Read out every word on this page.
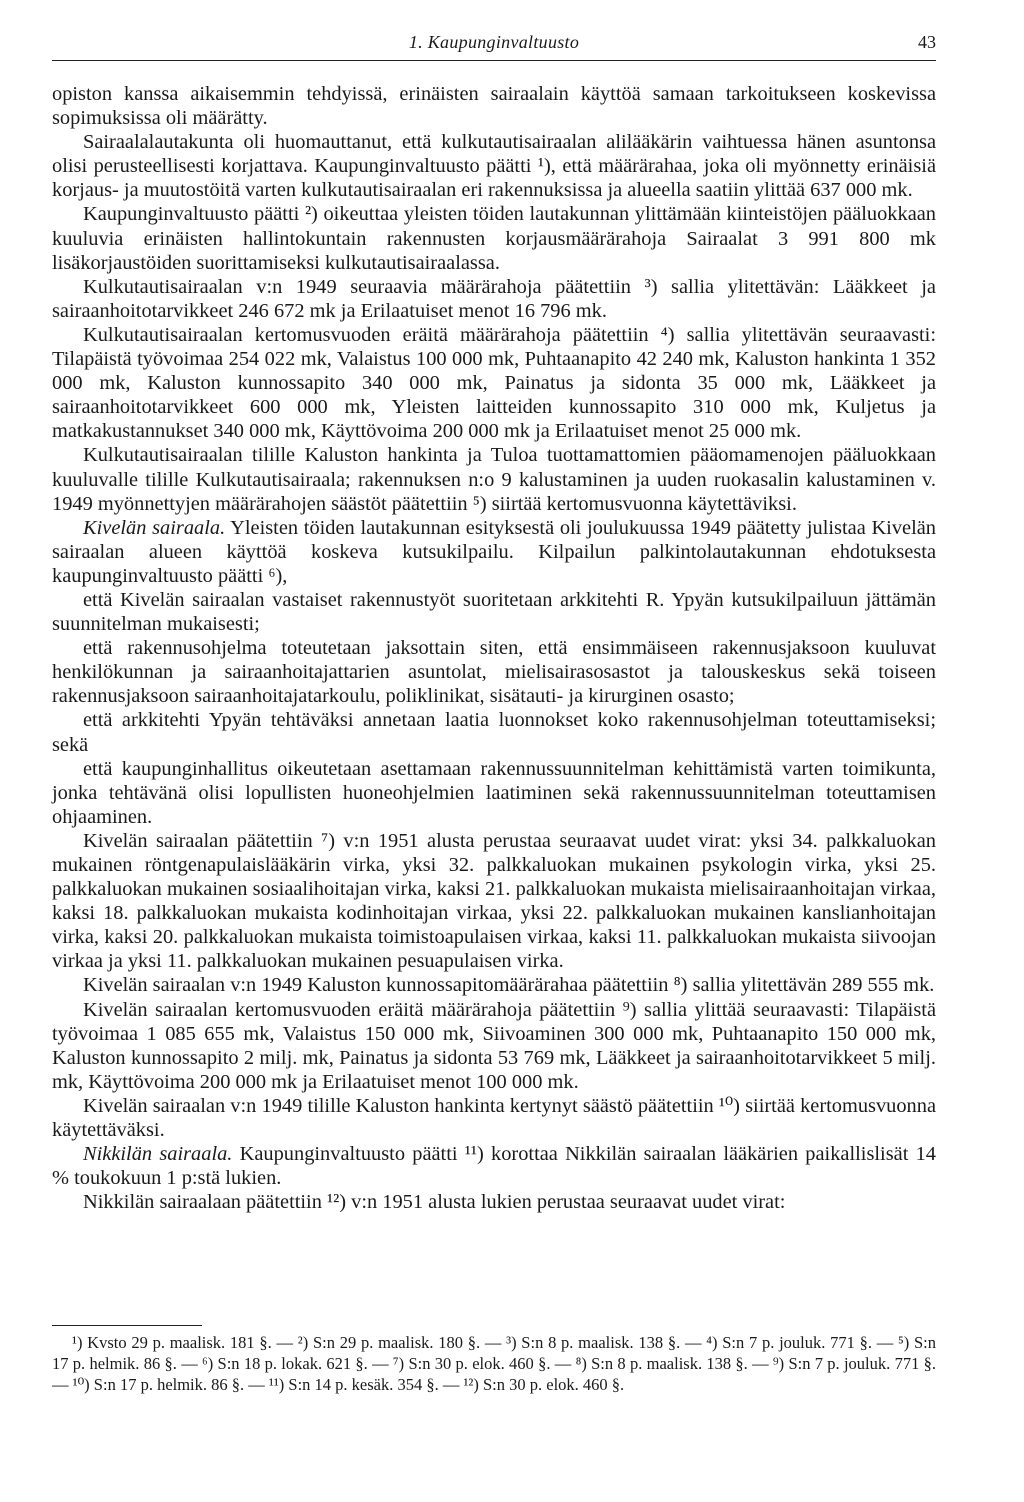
1. Kaupunginvaltuusto	43

opiston kanssa aikaisemmin tehdyissä, erinäisten sairaalain käyttöä samaan tarkoitukseen koskevissa sopimuksissa oli määrätty.

Sairaalalautakunta oli huomauttanut, että kulkutautisairaalan alilääkärin vaihtuessa hänen asuntonsa olisi perusteellisesti korjattava. Kaupunginvaltuusto päätti ¹), että määrärahaa, joka oli myönnetty erinäisiä korjaus- ja muutostöitä varten kulkutautisairaalan eri rakennuksissa ja alueella saatiin ylittää 637 000 mk.

Kaupunginvaltuusto päätti ²) oikeuttaa yleisten töiden lautakunnan ylittämään kiinteistöjen pääluokkaan kuuluvia erinäisten hallintokuntain rakennusten korjausmäärärahoja Sairaalat 3 991 800 mk lisäkorjaustöiden suorittamiseksi kulkutautisairaalassa.

Kulkutautisairaalan v:n 1949 seuraavia määrärahoja päätettiin ³) sallia ylitettävän: Lääkkeet ja sairaanhoitotarvikkeet 246 672 mk ja Erilaatuiset menot 16 796 mk.

Kulkutautisairaalan kertomusvuoden eräitä määrärahoja päätettiin ⁴) sallia ylitettävän seuraavasti: Tilapäistä työvoimaa 254 022 mk, Valaistus 100 000 mk, Puhtaanapito 42 240 mk, Kaluston hankinta 1 352 000 mk, Kaluston kunnossapito 340 000 mk, Painatus ja sidonta 35 000 mk, Lääkkeet ja sairaanhoitotarvikkeet 600 000 mk, Yleisten laitteiden kunnossapito 310 000 mk, Kuljetus ja matkakustannukset 340 000 mk, Käyttövoima 200 000 mk ja Erilaatuiset menot 25 000 mk.

Kulkutautisairaalan tilille Kaluston hankinta ja Tuloa tuottamattomien pääomamenojen pääluokkaan kuuluvalle tilille Kulkutautisairaala; rakennuksen n:o 9 kalustaminen ja uuden ruokasalin kalustaminen v. 1949 myönnettyjen määrärahojen säästöt päätettiin ⁵) siirtää kertomusvuonna käytettäviksi.

Kivelän sairaala. Yleisten töiden lautakunnan esityksestä oli joulukuussa 1949 päätetty julistaa Kivelän sairaalan alueen käyttöä koskeva kutsukilpailu. Kilpailun palkintolautakunnan ehdotuksesta kaupunginvaltuusto päätti ⁶),

että Kivelän sairaalan vastaiset rakennustyöt suoritetaan arkkitehti R. Ypyän kutsukilpailuun jättämän suunnitelman mukaisesti;

että rakennusohjelma toteutetaan jaksottain siten, että ensimmäiseen rakennusjaksoon kuuluvat henkilökunnan ja sairaanhoitajattarien asuntolat, mielisairasosastot ja talouskeskus sekä toiseen rakennusjaksoon sairaanhoitajatarkoulu, poliklinikat, sisätauti- ja kirurginen osasto;

että arkkitehti Ypyän tehtäväksi annetaan laatia luonnokset koko rakennusohjelman toteuttamiseksi; sekä

että kaupunginhallitus oikeutetaan asettamaan rakennussuunnitelman kehittämistä varten toimikunta, jonka tehtävänä olisi lopullisten huoneohjelmien laatiminen sekä rakennussuunnitelman toteuttamisen ohjaaminen.

Kivelän sairaalan päätettiin ⁷) v:n 1951 alusta perustaa seuraavat uudet virat: yksi 34. palkkaluokan mukainen röntgenapulaislääkärin virka, yksi 32. palkkaluokan mukainen psykologin virka, yksi 25. palkkaluokan mukainen sosiaalihoitajan virka, kaksi 21. palkkaluokan mukaista mielisairaanhoitajan virkaa, kaksi 18. palkkaluokan mukaista kodinhoitajan virkaa, yksi 22. palkkaluokan mukainen kanslianhoitajan virka, kaksi 20. palkkaluokan mukaista toimistoapulaisen virkaa, kaksi 11. palkkaluokan mukaista siivoojan virkaa ja yksi 11. palkkaluokan mukainen pesuapulaisen virka.

Kivelän sairaalan v:n 1949 Kaluston kunnossapitomäärärahaa päätettiin ⁸) sallia ylitettävän 289 555 mk.

Kivelän sairaalan kertomusvuoden eräitä määrärahoja päätettiin ⁹) sallia ylittää seuraavasti: Tilapäistä työvoimaa 1 085 655 mk, Valaistus 150 000 mk, Siivoaminen 300 000 mk, Puhtaanapito 150 000 mk, Kaluston kunnossapito 2 milj. mk, Painatus ja sidonta 53 769 mk, Lääkkeet ja sairaanhoitotarvikkeet 5 milj. mk, Käyttövoima 200 000 mk ja Erilaatuiset menot 100 000 mk.

Kivelän sairaalan v:n 1949 tilille Kaluston hankinta kertynyt säästö päätettiin ¹⁰) siirtää kertomusvuonna käytettäväksi.

Nikkilän sairaala. Kaupunginvaltuusto päätti ¹¹) korottaa Nikkilän sairaalan lääkärien paikallislisät 14 % toukokuun 1 p:stä lukien.

Nikkilän sairaalaan päätettiin ¹²) v:n 1951 alusta lukien perustaa seuraavat uudet virat:

¹) Kvsto 29 p. maalisk. 181 §. — ²) S:n 29 p. maalisk. 180 §. — ³) S:n 8 p. maalisk. 138 §. — ⁴) S:n 7 p. jouluk. 771 §. — ⁵) S:n 17 p. helmik. 86 §. — ⁶) S:n 18 p. lokak. 621 §. — ⁷) S:n 30 p. elok. 460 §. — ⁸) S:n 8 p. maalisk. 138 §. — ⁹) S:n 7 p. jouluk. 771 §. — ¹⁰) S:n 17 p. helmik. 86 §. — ¹¹) S:n 14 p. kesäk. 354 §. — ¹²) S:n 30 p. elok. 460 §.
